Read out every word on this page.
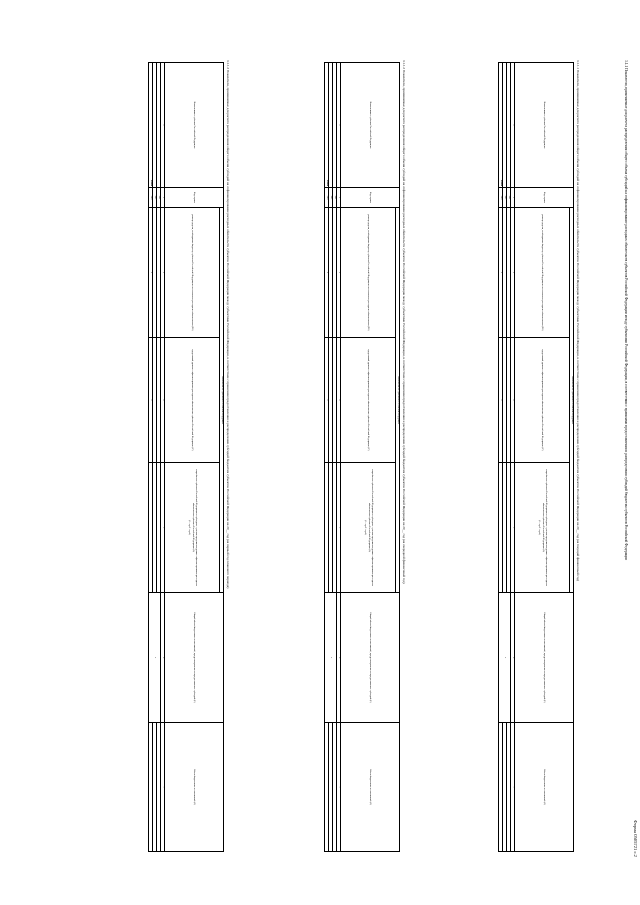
Форма 0505721 с.2
3.1.1 Показатели, применяемые для расчета распределения общего объема субсидий на софинансирование расходных обязательств субъектов Российской Федерации между субъектами Российской Федерации, в соответствии с правилами предоставления и распределения субсидий бюджетам субъектов Российской Федерации
3.1.1.1 Показатели, применяемые для расчета распределения общего объема субсидий на софинансирование расходных обязательств субъектов Российской Федерации между субъектами Российской Федерации, в соответствии с правилами предоставления и распределения субсидий бюджетам субъектов Российской Федерации на 20__ год (на текущий финансовый год)
Наименование субъекта Российской Федерации	Код строки	Показатели по субъектам Российской Федерации			Общий объем бюджетных ассигнований, предусмотренных на предоставление субсидий (C)	Объем бюджетных ассигнований (С)
		размер средств, необходимых бюджету субъекта Российской Федерации на исполнение расходного обязательства (РО)	предельный уровень софинансирования расходного обязательства субъекта Российской Федерации (Y)	потребность субъекта Российской Федерации в субсидиях с учетом предельного уровня софинансирования расходного обязательства субъекта Российской Федерации (S)

(5 = гр.3 × гр.4)		
1	2	3	4	5	6	7
	001				x	
	002					
Итого	900	x	x			
3.1.1.2 Показатели, применяемые для расчета распределения общего объема субсидий на софинансирование расходных обязательств субъектов Российской Федерации между субъектами Российской Федерации, в соответствии с правилами предоставления и распределения субсидий бюджетам субъектов Российской Федерации на 20__ год (на очередной финансовый год)
Наименование субъекта Российской Федерации	Код строки	Показатели по субъектам Российской Федерации			Общий объем бюджетных ассигнований, предусмотренных на предоставление субсидий (C)	Объем бюджетных ассигнований (С)
		размер средств, необходимых бюджету субъекта Российской Федерации на исполнение расходного обязательства (РО)	предельный уровень софинансирования расходного обязательства субъекта Российской Федерации (Y)	потребность субъекта Российской Федерации в субсидиях с учетом предельного уровня софинансирования расходного обязательства субъекта Российской Федерации (S)

(5 = гр.3 × гр.4)		
1	2	3	4	5	6	7
	001				x	
	002					
Итого	900	x	x			
3.1.1.3 Показатели, применяемые для расчета распределения общего объема субсидий на софинансирование расходных обязательств субъектов Российской Федерации между субъектами Российской Федерации, в соответствии с правилами предоставления и распределения субсидий бюджетам субъектов Российской Федерации на 20__ год (на первый год планового периода)
Наименование субъекта Российской Федерации	Код строки	Показатели по субъектам Российской Федерации			Общий объем бюджетных ассигнований, предусмотренных на предоставление субсидий (C)	Объем бюджетных ассигнований (С)
		размер средств, необходимых бюджету субъекта Российской Федерации на исполнение расходного обязательства (РО)	предельный уровень софинансирования расходного обязательства субъекта Российской Федерации (Y)	потребность субъекта Российской Федерации в субсидиях с учетом предельного уровня софинансирования расходного обязательства субъекта Российской Федерации (S)

(5 = гр.3 × гр.4)		
1	2	3	4	5	6	7
	001				x	
	002					
Итого	900	x	x			
